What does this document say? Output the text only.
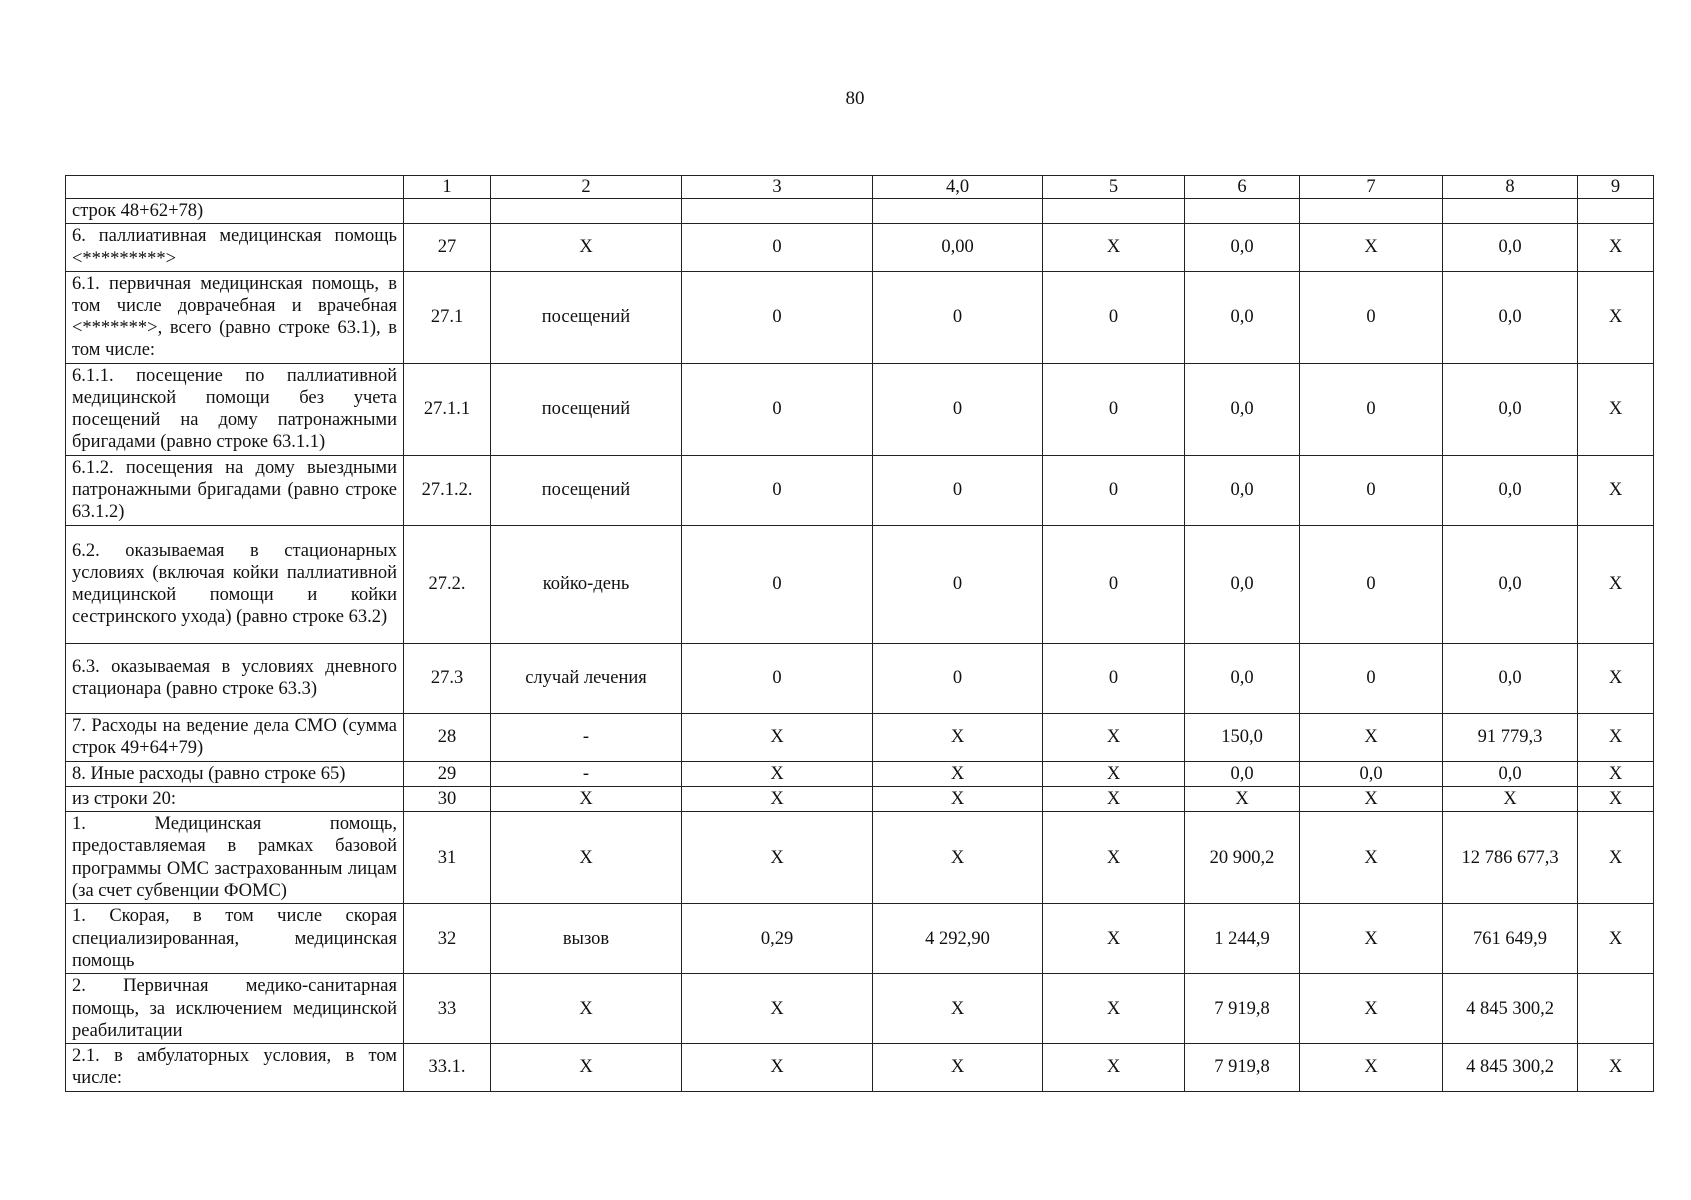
80
	1	2	3	4,0	5	6	7	8	9
строк 48+62+78)									
6. паллиативная медицинская помощь <*********>	27	Х	0	0,00	Х	0,0	Х	0,0	Х
6.1. первичная медицинская помощь, в том числе доврачебная и врачебная <*******>, всего (равно строке 63.1), в том числе:	27.1	посещений	0	0	0	0,0	0	0,0	Х
6.1.1. посещение по паллиативной медицинской помощи без учета посещений на дому патронажными бригадами (равно строке 63.1.1)	27.1.1	посещений	0	0	0	0,0	0	0,0	Х
6.1.2. посещения на дому выездными патронажными бригадами (равно строке 63.1.2)	27.1.2.	посещений	0	0	0	0,0	0	0,0	Х
6.2. оказываемая в стационарных условиях (включая койки паллиативной медицинской помощи и койки сестринского ухода) (равно строке 63.2)	27.2.	койко-день	0	0	0	0,0	0	0,0	Х
6.3. оказываемая в условиях дневного стационара (равно строке 63.3)	27.3	случай лечения	0	0	0	0,0	0	0,0	Х
7. Расходы на ведение дела СМО (сумма строк 49+64+79)	28	-	Х	Х	Х	150,0	Х	91 779,3	Х
8. Иные расходы (равно строке 65)	29	-	Х	Х	Х	0,0	0,0	0,0	Х
из строки 20:	30	Х	Х	Х	Х	Х	Х	Х	Х
1. Медицинская помощь, предоставляемая в рамках базовой программы ОМС застрахованным лицам (за счет субвенции ФОМС)	31	Х	Х	Х	Х	20 900,2	Х	12 786 677,3	Х
1. Скорая, в том числе скорая специализированная, медицинская помощь	32	вызов	0,29	4 292,90	Х	1 244,9	Х	761 649,9	Х
2. Первичная медико-санитарная помощь, за исключением медицинской реабилитации	33	Х	Х	Х	Х	7 919,8	Х	4 845 300,2	
2.1. в амбулаторных условия, в том числе:	33.1.	Х	Х	Х	Х	7 919,8	Х	4 845 300,2	Х
